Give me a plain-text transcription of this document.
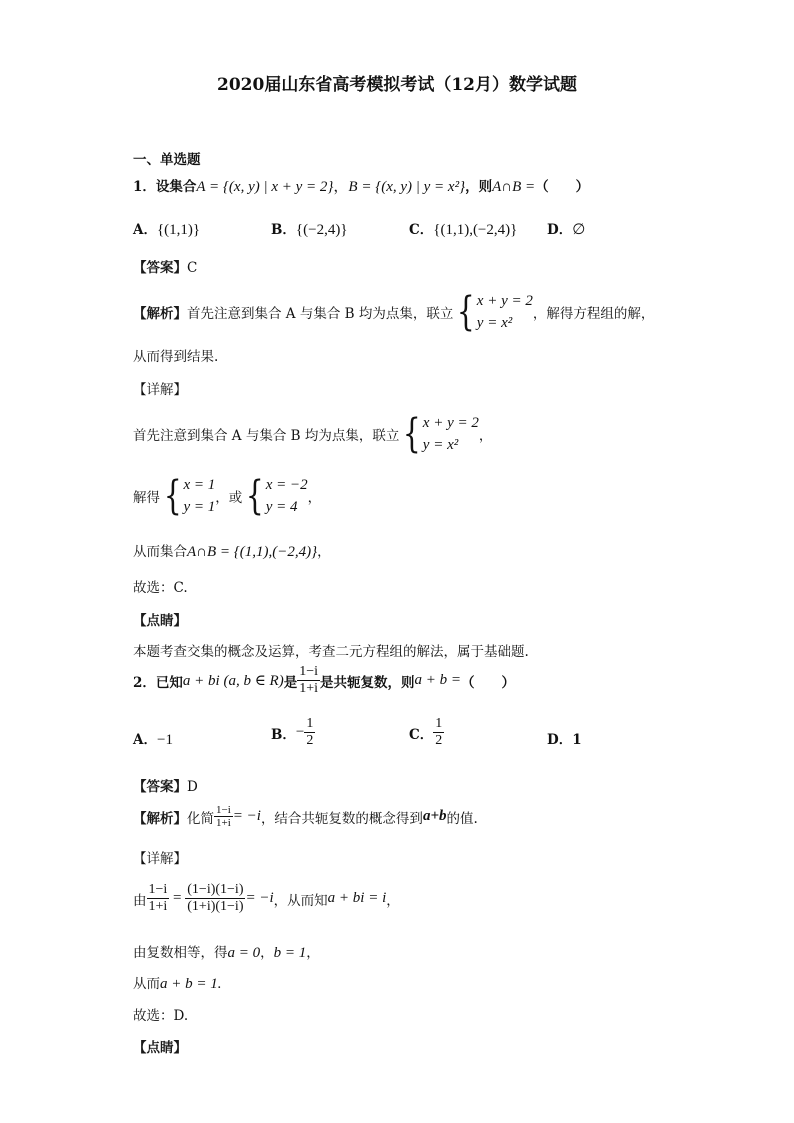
2020届山东省高考模拟考试（12月）数学试题
一、单选题
1．设集合A = {(x, y) | x + y = 2}，B = {(x, y) | y = x²}，则A∩B =（　　）
A．{(1,1)}	B．{(−2,4)}	C．{(1,1),(−2,4)} D．∅
【答案】C
【解析】 首先注意到集合 A 与集合 B 均为点集，联立 { x + y = 2
y = x²
，解得方程组的解，
从而得到结果.
【详解】
首先注意到集合 A 与集合 B 均为点集，联立 { x + y = 2
y = x²
，
解得 { x = 1
y = 1
，或 { x = −2
y = 4
，
从而集合A∩B = {(1,1),(−2,4)}，
故选：C.
【点睛】
本题考查交集的概念及运算，考查二元方程组的解法，属于基础题.
2．已知 a + bi (a, b ∈ R) 是 $\frac{1-i}{1+i}$ 是共轭复数，则 a + b = （　　）
A．−1	B． − $\frac{1}{2}$	C． $\frac{1}{2}$	D．1
【答案】D
【解析】 化简 $\frac{1-i}{1+i} = -i$ ，结合共轭复数的概念得到 a+b 的值.
【详解】
由 $\frac{1-i}{1+i} = \frac{(1-i)(1-i)}{(1+i)(1-i)} = -i$ ，从而知 a + bi = i ，
由复数相等，得a = 0，b = 1，
从而a + b = 1.
故选：D.
【点睛】
